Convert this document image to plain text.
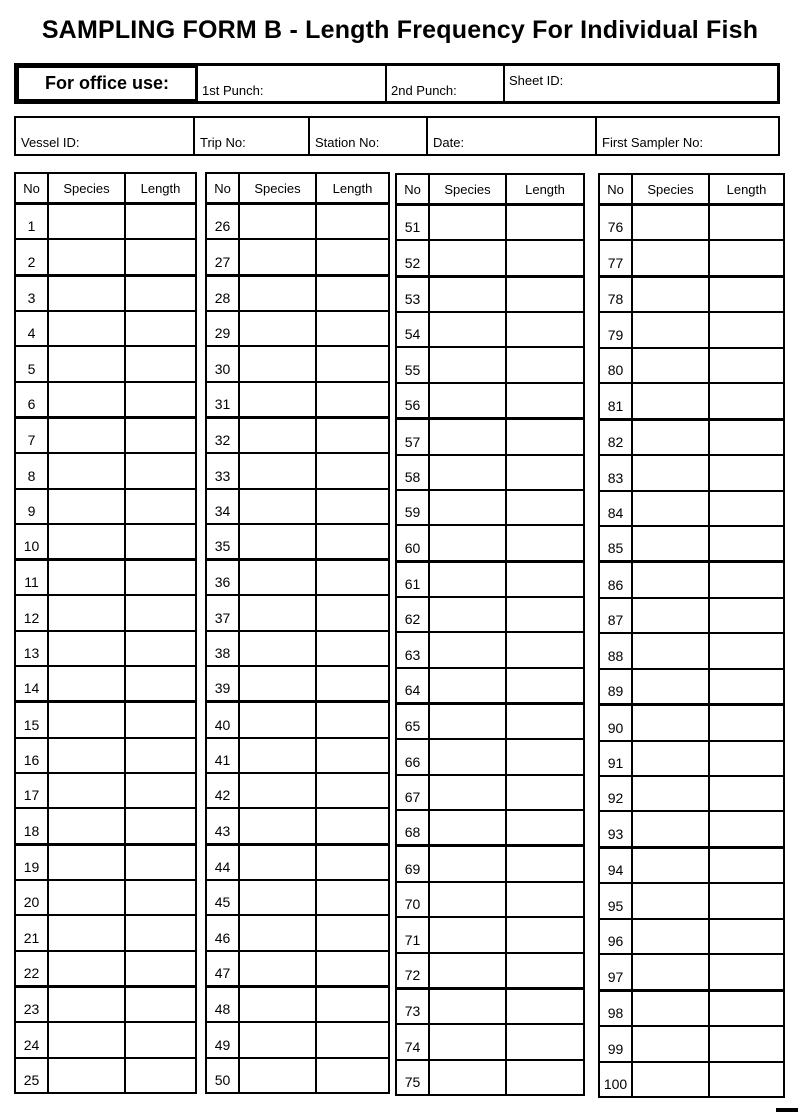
SAMPLING FORM B - Length Frequency For Individual Fish
For office use:	1st Punch:	2nd Punch:
Sheet ID:
Vessel ID:	Trip No:	Station No:	Date:	First Sampler No:
No	Species	Length
1
2
3
4
5
6
7
8
9
10
11
12
13
14
15
16
17
18
19
20
21
22
23
24
25
No	Species	Length
26
27
28
29
30
31
32
33
34
35
36
37
38
39
40
41
42
43
44
45
46
47
48
49
50
No	Species	Length
51
52
53
54
55
56
57
58
59
60
61
62
63
64
65
66
67
68
69
70
71
72
73
74
75
No	Species	Length
76
77
78
79
80
81
82
83
84
85
86
87
88
89
90
91
92
93
94
95
96
97
98
99
100
